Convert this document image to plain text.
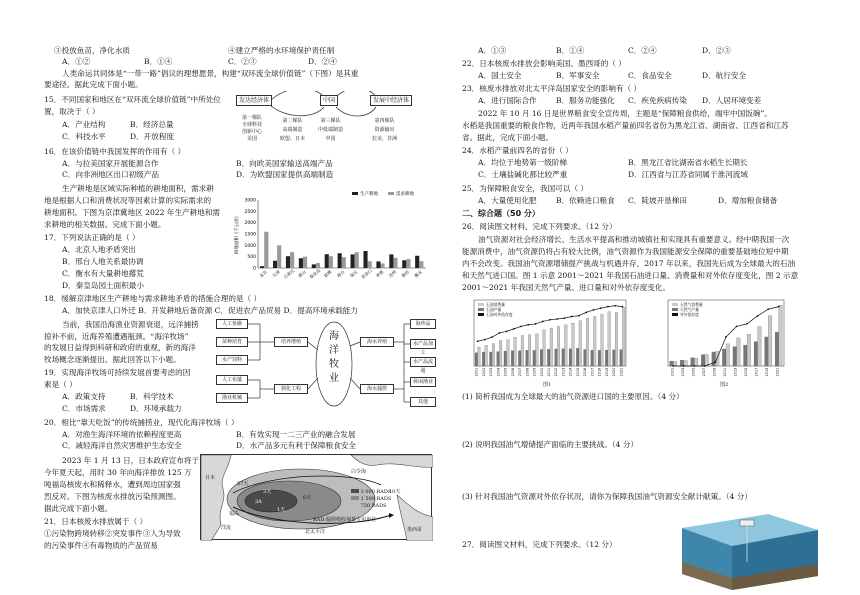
③投放鱼苗，净化水质	④建立严格的水环境保护责任制
A．①②	B．①④	C．②③	D．②④
人类命运共同体是“一带一路”倡议的理想愿景，构建“双环流全球价值链”（下图）是其重
要途径。据此完成下面小题。
15．不同国家和地区在“双环流全球价值链”中所处位
置，取决于（ ）
A．产业结构	B．经济总量
C．科技水平	D．开放程度
发达经济体	中国	发展中经济体
第一梯队
全球科技
创新中心
美国
第二梯队
高端制造
欧盟、日本
第三梯队
中低端制造
中国
第四梯队
资源输出
拉美、非洲
16．在该价值链中我国发挥的作用有（ ）
A．与拉美国家开展能源合作	B．向欧美国家输送高端产品
C．向非洲地区出口初级产品	D．为欧盟国家提供高端制造
生产耕地是区域实际种植的耕地面积，需求耕
地是根据人口和消费状况等因素计算的实际需求的
耕地面积。下图为京津冀地区 2022 年生产耕地和需
求耕地的相关数据。完成下面小题。
17．下列说法正确的是（ ）
A．北京人地矛盾突出
B．邢台人地关系最协调
C．衡水有大量耕地撂荒
D．秦皇岛园土面积最小
0
500
1000
1500
2000
2500
3000
北京 天津 石家庄 唐山 秦皇岛 邯郸 邢台 保定 张家口 承德 沧州 廊坊 衡水
生产耕地	需求耕地
耕地面积（千公顷）
18．缓解京津地区生产耕地与需求耕地矛盾的措施合理的是（ ）
A．加快京津人口外迁 B．开发耕地后备资源 C．促进农产品贸易 D．提高环境承载能力
当前，我国沿海渔业资源衰退，远洋捕捞
掠补不前，近海养殖遭遇瓶颈。“海洋牧场”
的发展日益得到科研和政府的重视，新的海洋
牧场概念逐渐提出。据此回答以下小题。
19．实现海洋牧场可持续发展首要考虑的因
素是（ ）
A．政策支持	B．科学技术
C．市场需求	D．环境承载力
人工鱼礁
苗种培育
水产饲料
人工布藻
渔业机械
培养增殖
驯化工程
海洋牧业
海水养殖
海水捕捞
海珍品
水产品加工
水产品流通
休闲渔业
其他
20．相比“靠天吃饭”的传统捕捞业，现代化海洋牧场（ ）
A．对渔生海洋环境的依赖程度更高	B．有效实现一二三产业的融合发展
C．减轻海洋自然灾害维护生态安全	D．水产品多元有利于保障粮食安全
2023 年 1 月 13 日，日本政府宣布将于
今年夏天起，用时 30 年向海洋排放 125 万
吨福岛核废水和稀释水，遭到周边国家强
烈反对。下图为核废水排放污染预测图。
据此完成下面小题。
21．日本核废水排放属于（ ）
①污染物跨境转移②突发事件③人为导致
的污染事件④有毒物质的产品贸易
日本
福岛
57天
3天
6天
1天
10天
洋流
3A
北太平洋	墨西哥
白令海
3 000 RADS
1 500 RADS
750 RADS
RAD:辐射吸收剂量专用单位
A．①③	B．①④	C．②④	D．②③
22．日本核废水排放会影响美国、墨西哥的（ ）
A．国土安全	B．军事安全	C．食品安全	D．航行安全
23．核废水排放对北太平洋岛国家安全的影响有（ ）
A．进行国际合作	B．服务功能强化 C．疾免疾病传染 D．人居环境变差
2022 年 10 月 16 日是世界粮食安全宣传周，主题是“保障粮食供给，端牢中国饭碗”。
水稻是我国重要的粮食作物，近两年我国水稻产量前四名省份为黑龙江省、湖南省、江西省和江苏
省。据此，完成下面小题。
24．水稻产量前四名的省份（ ）
A．均位于地势第一级阶梯	B．黑龙江省比湖南省水稻生长期长
C．土壤盐碱化都比较严重	D．江西省与江苏省同属于淮河流域
25．为保障粮食安全，我国可以（ ）
A．大量使用化肥	B．依赖进口粮食 C．陡坡开垦梯田	D．增加粮食储备
二、综合题（50 分）
26．阅读图文材料，完成下列要求。（12 分）
油气资源对社会经济增长、生活水平提高和推动城镇社和实现具有重要意义。经中期我国一次
能源消费中，油气资源仍将占有较大比例，油气资源作为我国能源安全保障的重要基础地位短中期
内不会改变。我国油气资源增储提产挑战与机遇并存，2017 年以来，我国先后成为全球最大的石油
和天然气进口国。图 1 示意 2001～2021 年我国石油进口量、消费量和对外依存度变化，图 2 示意
2001～2021 年我国天然气产量、进口量和对外依存度变化。
2001 2002 2003 2004 2005 2006 2007 2008 2009 2010 2011 2012 2013 2014 2015 2016 2017 2018 2019 2020 2021
石油消费量
石油产量
石油对外依存度
图1
2001 2003 2005 2007 2009 2011 2013 2015 2017 2019 2021
天然气消费量
天然气产量
对外依存度
图2
(1) 简析我国成为全球最大的油气资源进口国的主要原因。（4 分）
(2) 说明我国油气增储提产面临的主要挑战。（4 分）
(3) 针对我国油气资源对外依存状况，请你为保障我国油气资源安全献计献策。（4 分）
27．阅读图文材料，完成下列要求。（12 分）
